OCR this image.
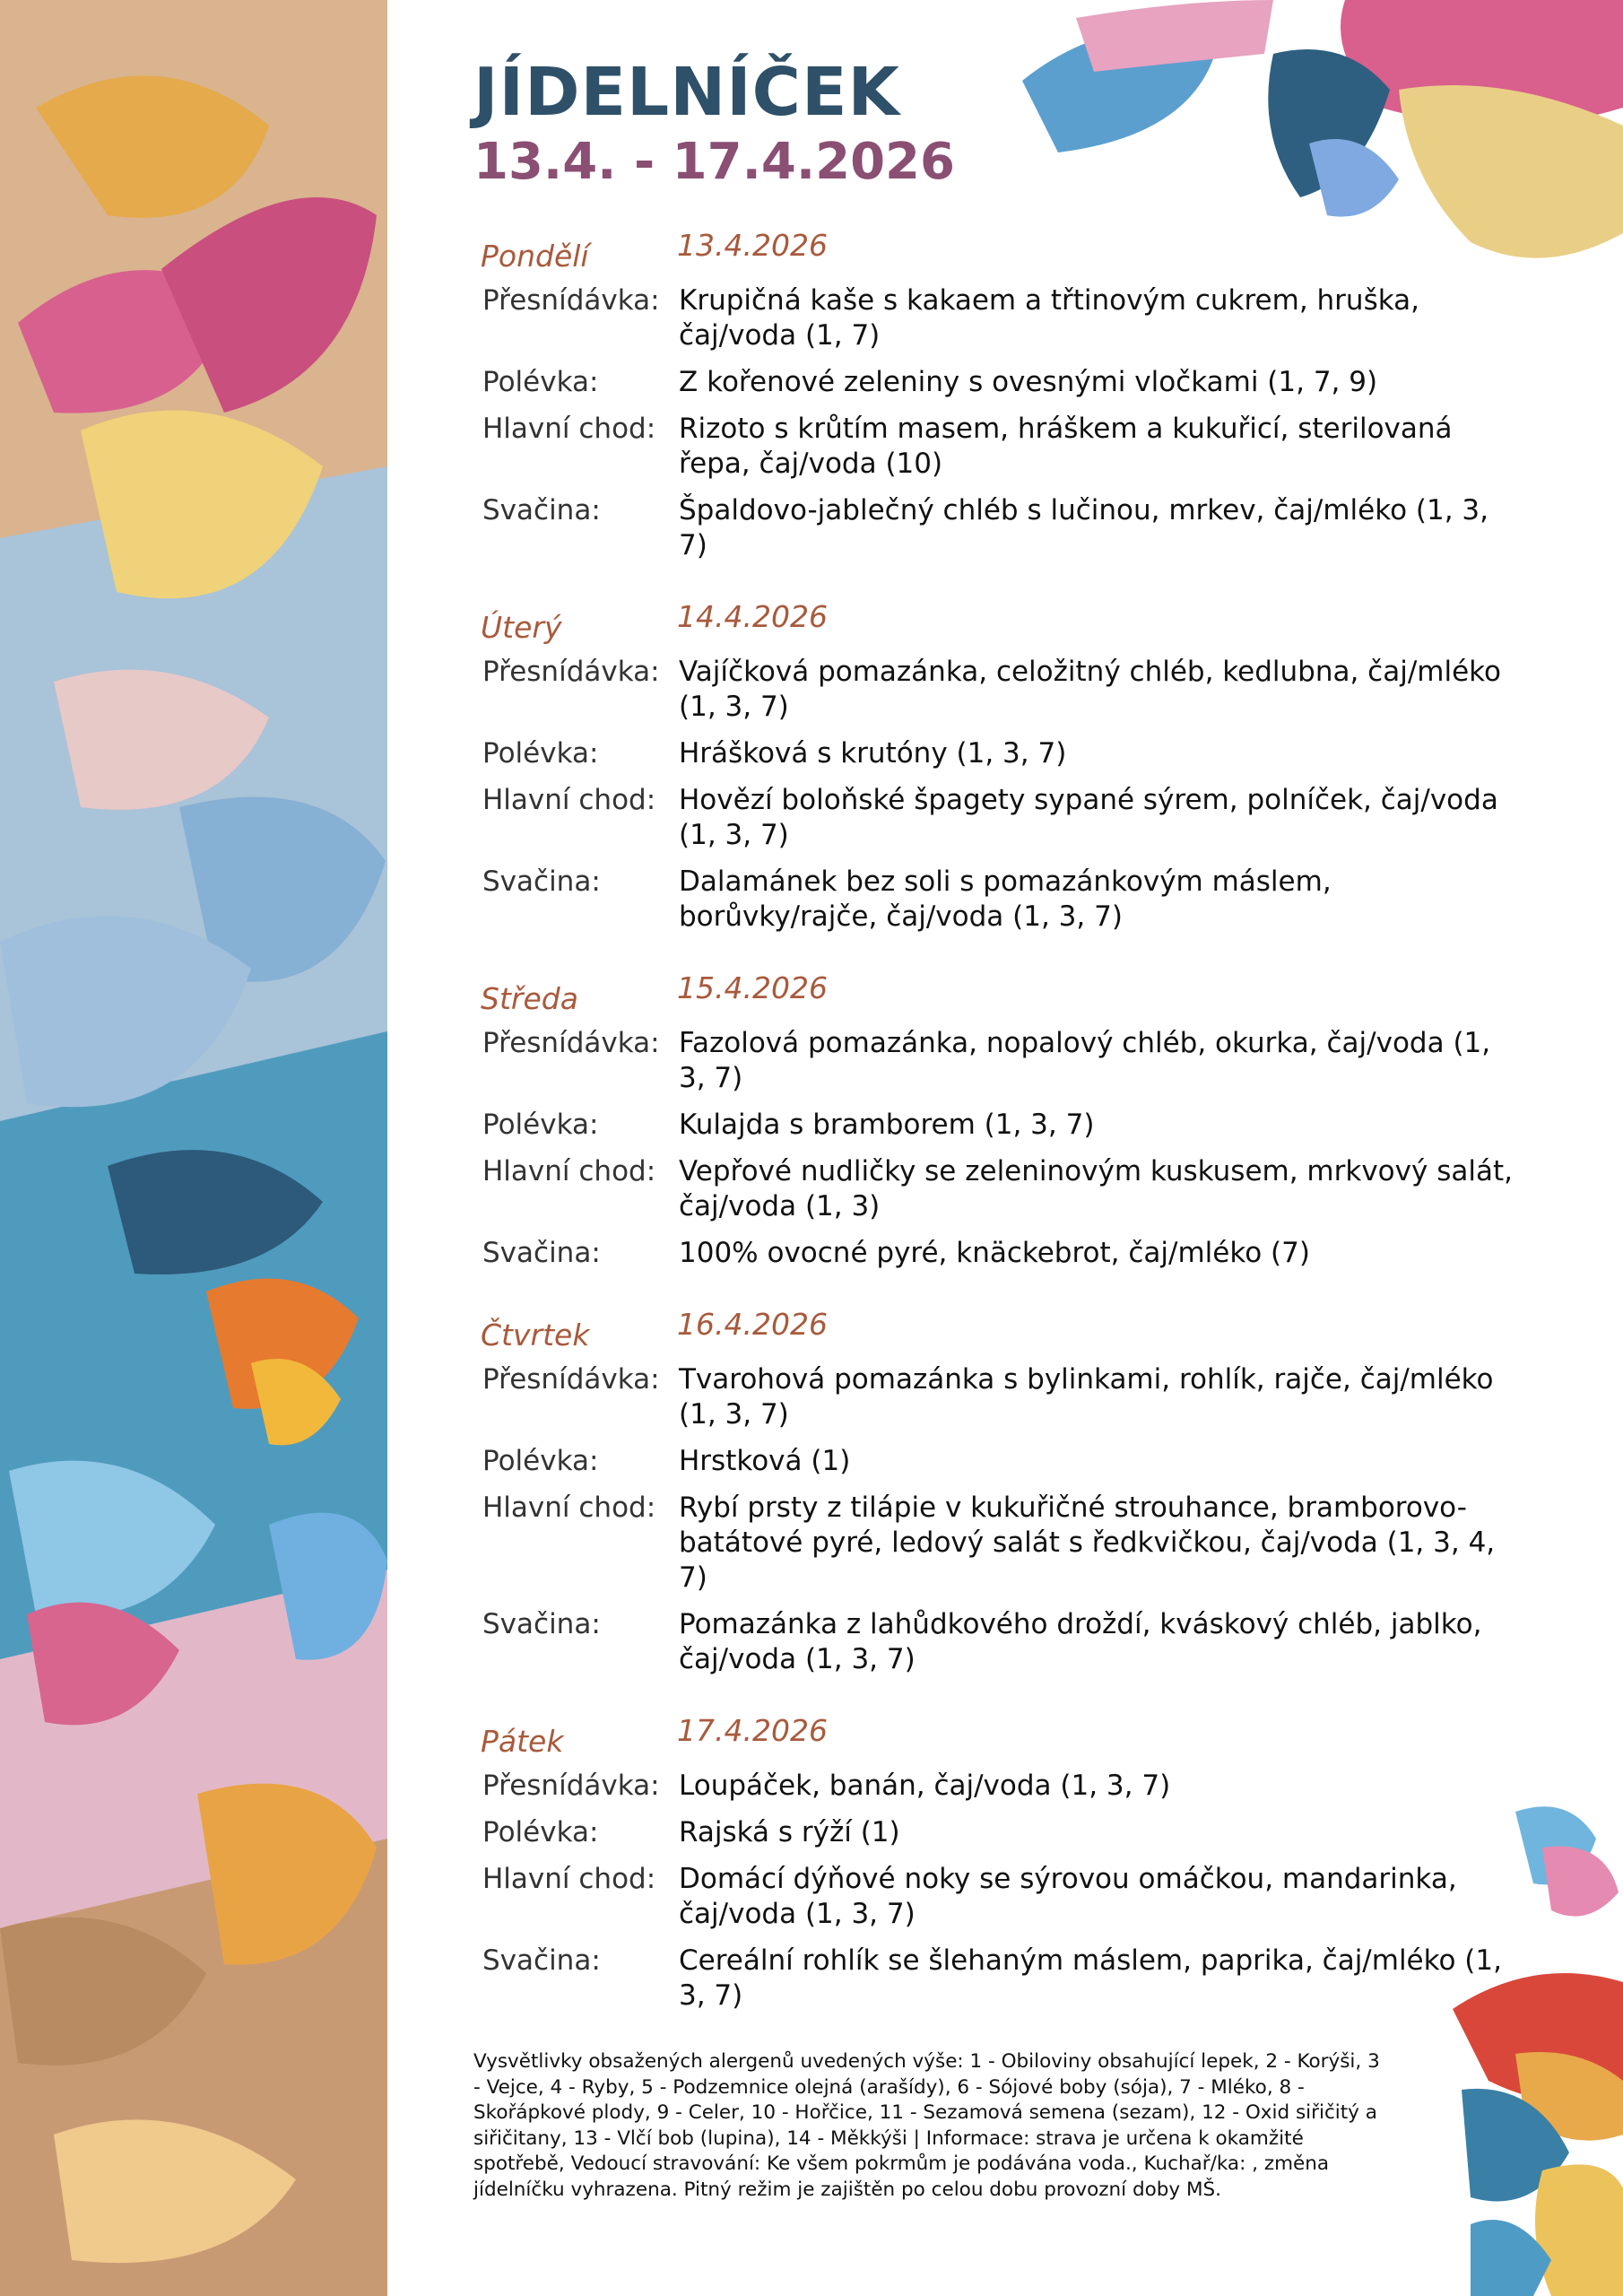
JÍDELNÍČEK
13.4. - 17.4.2026
Pondělí	13.4.2026
Přesnídávka: Krupičná kaše s kakaem a třtinovým cukrem, hruška, čaj/voda (1, 7)
Polévka:	Z kořenové zeleniny s ovesnými vločkami (1, 7, 9)
Hlavní chod: Rizoto s krůtím masem, hráškem a kukuřicí, sterilovaná řepa, čaj/voda (10)
Svačina:	Špaldovo-jablečný chléb s lučinou, mrkev, čaj/mléko (1, 3, 7)
Úterý	14.4.2026
Přesnídávka: Vajíčková pomazánka, celožitný chléb, kedlubna, čaj/mléko (1, 3, 7)
Polévka:	Hrášková s krutóny (1, 3, 7)
Hlavní chod: Hovězí boloňské špagety sypané sýrem, polníček, čaj/voda (1, 3, 7)
Svačina:	Dalamánek bez soli s pomazánkovým máslem, borůvky/rajče, čaj/voda (1, 3, 7)
Středa	15.4.2026
Přesnídávka: Fazolová pomazánka, nopalový chléb, okurka, čaj/voda (1, 3, 7)
Polévka:	Kulajda s bramborem (1, 3, 7)
Hlavní chod: Vepřové nudličky se zeleninovým kuskusem, mrkvový salát, čaj/voda (1, 3)
Svačina:	100% ovocné pyré, knäckebrot, čaj/mléko (7)
Čtvrtek	16.4.2026
Přesnídávka: Tvarohová pomazánka s bylinkami, rohlík, rajče, čaj/mléko (1, 3, 7)
Polévka:	Hrstková (1)
Hlavní chod: Rybí prsty z tilápie v kukuřičné strouhance, bramborovo-batátové pyré, ledový salát s ředkvičkou, čaj/voda (1, 3, 4, 7)
Svačina:	Pomazánka z lahůdkového droždí, kváskový chléb, jablko, čaj/voda (1, 3, 7)
Pátek	17.4.2026
Přesnídávka: Loupáček, banán, čaj/voda (1, 3, 7)
Polévka:	Rajská s rýží (1)
Hlavní chod: Domácí dýňové noky se sýrovou omáčkou, mandarinka, čaj/voda (1, 3, 7)
Svačina:	Cereální rohlík se šlehaným máslem, paprika, čaj/mléko (1, 3, 7)
Vysvětlivky obsažených alergenů uvedených výše: 1 - Obiloviny obsahující lepek, 2 - Korýši, 3 - Vejce, 4 - Ryby, 5 - Podzemnice olejná (arašídy), 6 - Sójové boby (sója), 7 - Mléko, 8 - Skořápkové plody, 9 - Celer, 10 - Hořčice, 11 - Sezamová semena (sezam), 12 - Oxid siřičitý a siřičitany, 13 - Vlčí bob (lupina), 14 - Měkkýši | Informace: strava je určena k okamžité spotřebě, Vedoucí stravování: Ke všem pokrmům je podávána voda., Kuchař/ka: , změna jídelníčku vyhrazena. Pitný režim je zajištěn po celou dobu provozní doby MŠ.
